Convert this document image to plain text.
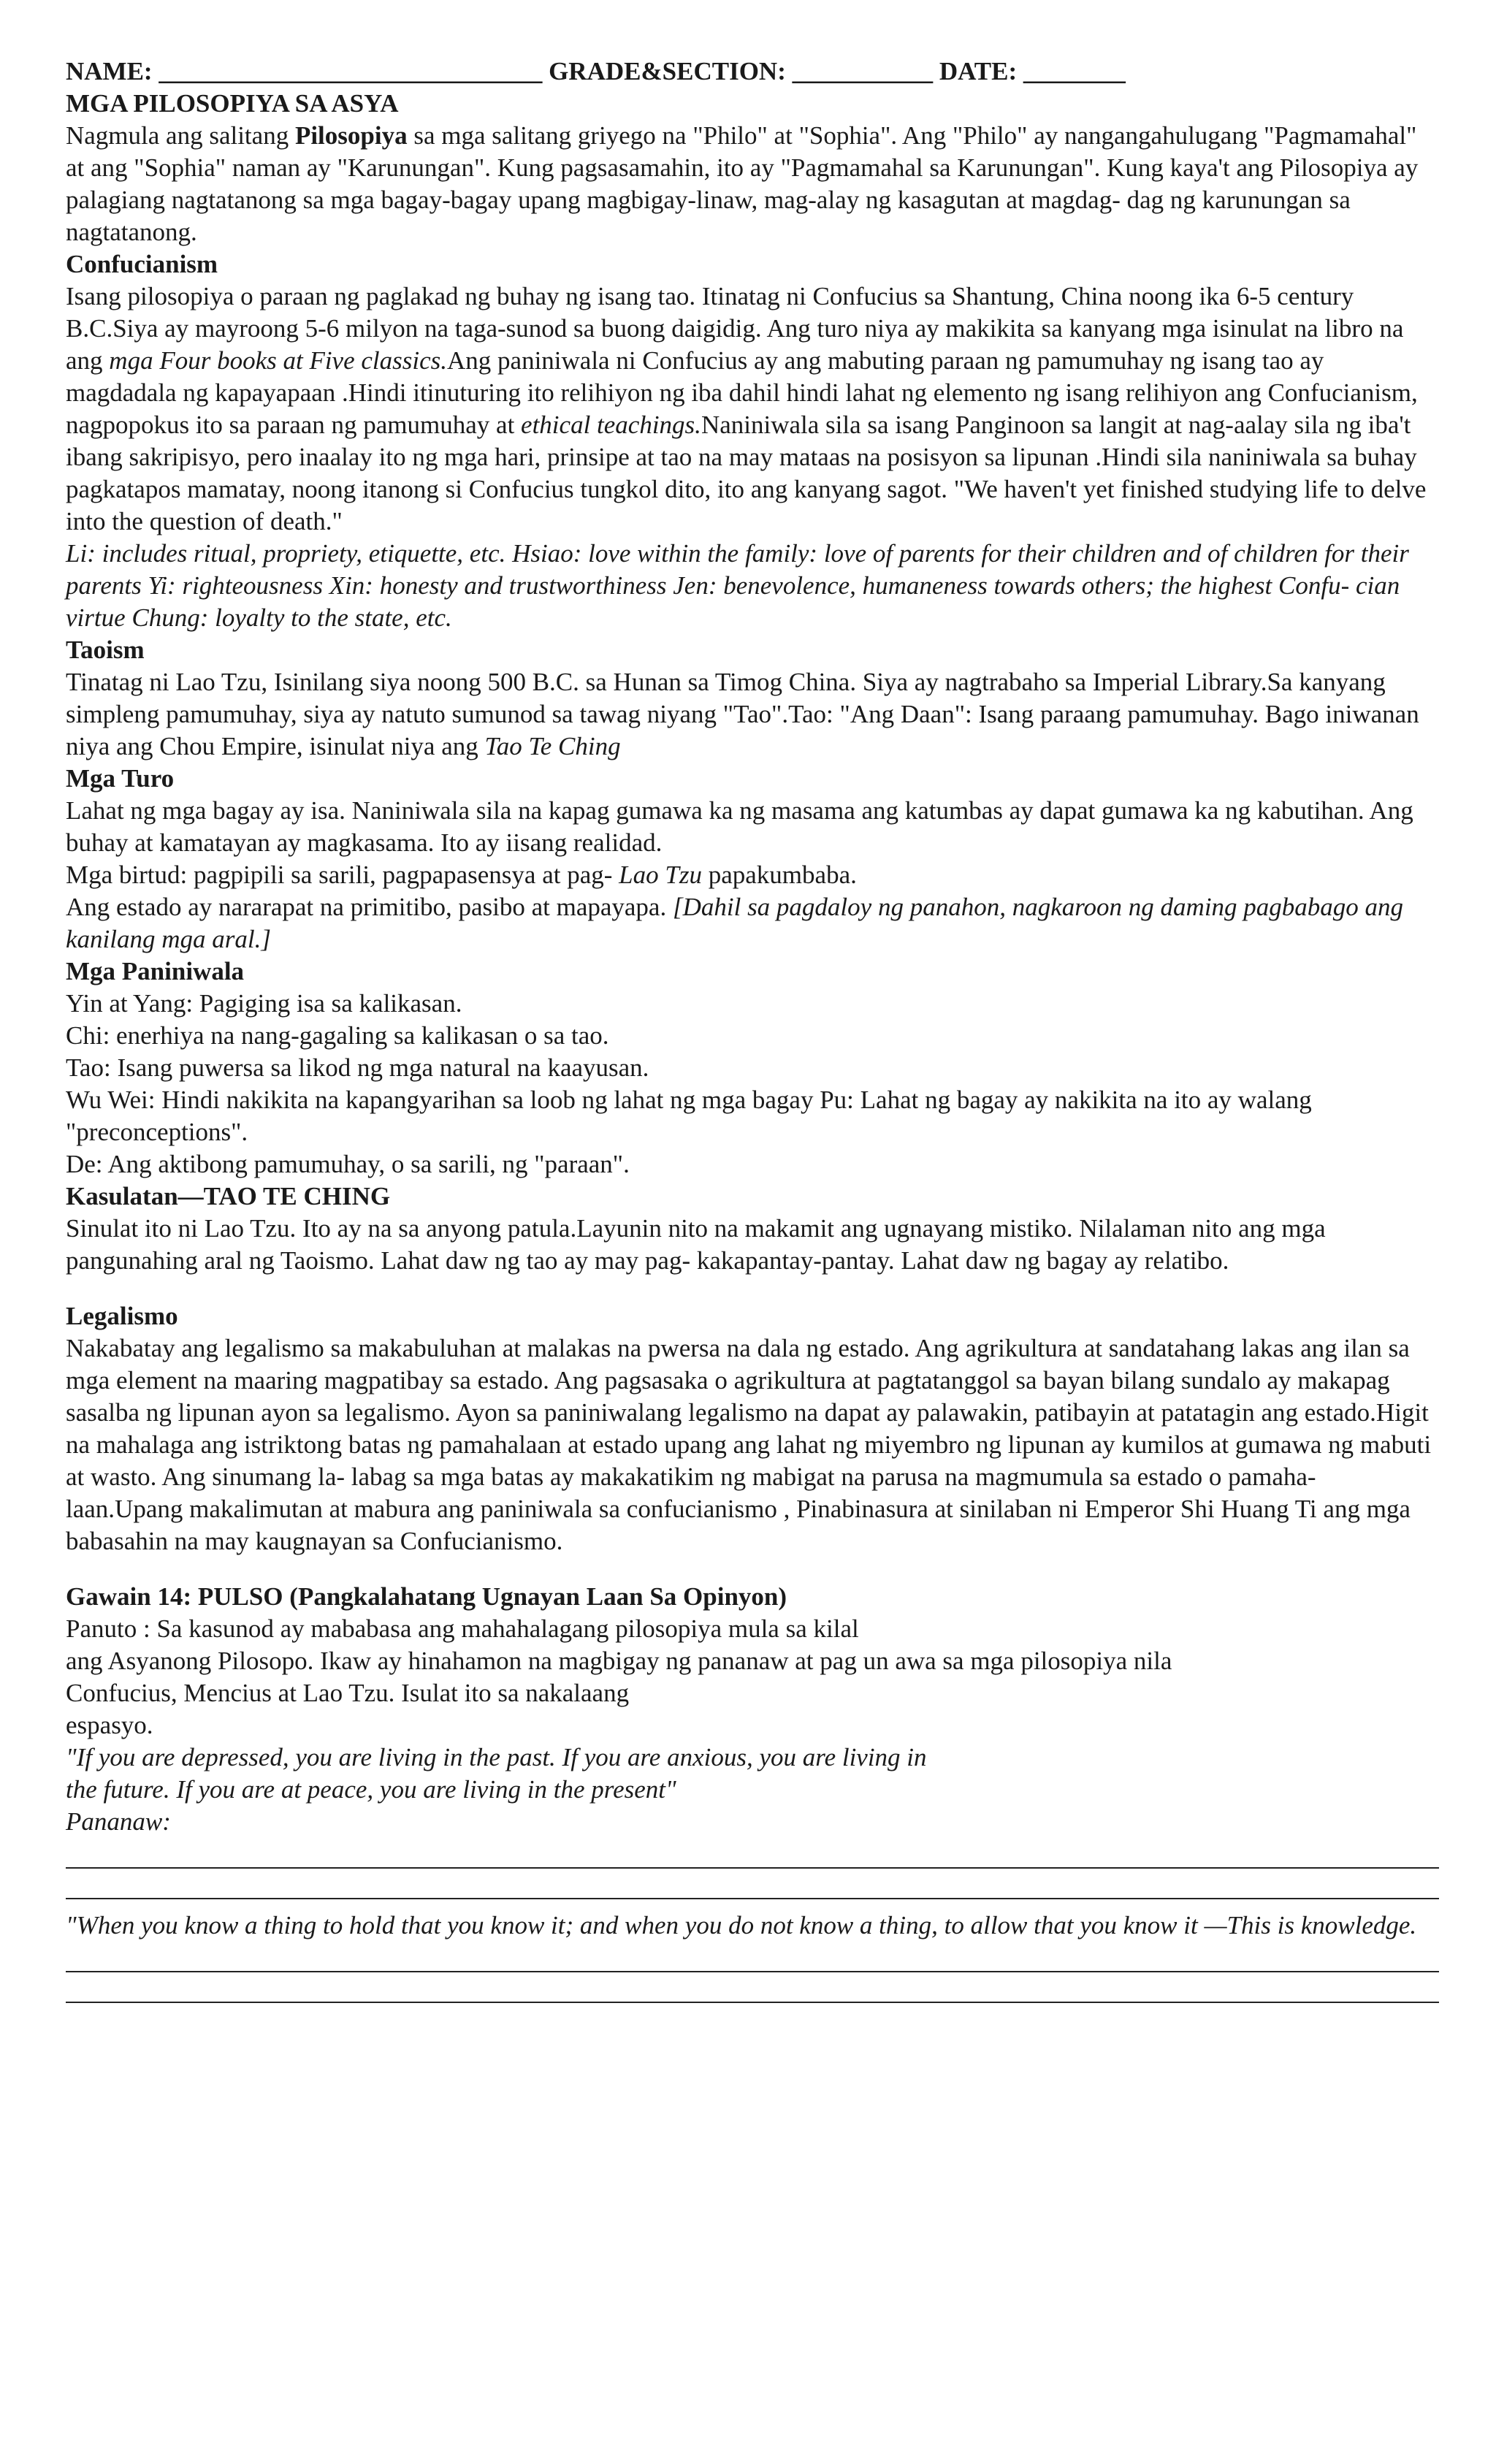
NAME: ______________________________ GRADE&SECTION: ___________ DATE: ________

MGA PILOSOPIYA SA ASYA

Nagmula ang salitang Pilosopiya sa mga salitang griyego na "Philo" at "Sophia". Ang "Philo" ay nangangahulugang "Pagmamahal" at ang "Sophia" naman ay "Karunungan". Kung pagsasamahin, ito ay "Pagmamahal sa Karunungan". Kung kaya't ang Pilosopiya ay palagiang nagtatanong sa mga bagay-bagay upang magbigay-linaw, mag-alay ng kasagutan at magdag- dag ng karunungan sa nagtatanong.

Confucianism

Isang pilosopiya o paraan ng paglakad ng buhay ng isang tao. Itinatag ni Confucius sa Shantung, China noong ika 6-5 century B.C.Siya ay mayroong 5-6 milyon na taga-sunod sa buong daigidig. Ang turo niya ay makikita sa kanyang mga isinulat na libro na ang mga Four books at Five classics.Ang paniniwala ni Confucius ay ang mabuting paraan ng pamumuhay ng isang tao ay magdadala ng kapayapaan .Hindi itinuturing ito relihiyon ng iba dahil hindi lahat ng elemento ng isang relihiyon ang Confucianism, nagpopokus ito sa paraan ng pamumuhay at ethical teachings.Naniniwala sila sa isang Panginoon sa langit at nag-aalay sila ng iba't ibang sakripisyo, pero inaalay ito ng mga hari, prinsipe at tao na may mataas na posisyon sa lipunan .Hindi sila naniniwala sa buhay pagkatapos mamatay, noong itanong si Confucius tungkol dito, ito ang kanyang sagot. "We haven't yet finished studying life to delve into the question of death."

Li: includes ritual, propriety, etiquette, etc. Hsiao: love within the family: love of parents for their children and of children for their parents Yi: righteousness Xin: honesty and trustworthiness Jen: benevolence, humaneness towards others; the highest Confu- cian virtue Chung: loyalty to the state, etc.

Taoism

Tinatag ni Lao Tzu, Isinilang siya noong 500 B.C. sa Hunan sa Timog China. Siya ay nagtrabaho sa Imperial Library.Sa kanyang simpleng pamumuhay, siya ay natuto sumunod sa tawag niyang "Tao".Tao: "Ang Daan": Isang paraang pamumuhay. Bago iniwanan niya ang Chou Empire, isinulat niya ang Tao Te Ching

Mga Turo

Lahat ng mga bagay ay isa. Naniniwala sila na kapag gumawa ka ng masama ang katumbas ay dapat gumawa ka ng kabutihan. Ang buhay at kamatayan ay magkasama. Ito ay iisang realidad.

Mga birtud: pagpipili sa sarili, pagpapasensya at pag- Lao Tzu papakumbaba.

Ang estado ay nararapat na primitibo, pasibo at mapayapa. [Dahil sa pagdaloy ng panahon, nagkaroon ng daming pagbabago ang kanilang mga aral.]

Mga Paniniwala

Yin at Yang: Pagiging isa sa kalikasan.

Chi: enerhiya na nang-gagaling sa kalikasan o sa tao.

Tao: Isang puwersa sa likod ng mga natural na kaayusan.

Wu Wei: Hindi nakikita na kapangyarihan sa loob ng lahat ng mga bagay Pu: Lahat ng bagay ay nakikita na ito ay walang "preconceptions".

De: Ang aktibong pamumuhay, o sa sarili, ng "paraan".

Kasulatan—TAO TE CHING

Sinulat ito ni Lao Tzu. Ito ay na sa anyong patula.Layunin nito na makamit ang ugnayang mistiko. Nilalaman nito ang mga pangunahing aral ng Taoismo. Lahat daw ng tao ay may pag- kakapantay-pantay. Lahat daw ng bagay ay relatibo.

Legalismo

Nakabatay ang legalismo sa makabuluhan at malakas na pwersa na dala ng estado. Ang agrikultura at sandatahang lakas ang ilan sa mga element na maaring magpatibay sa estado. Ang pagsasaka o agrikultura at pagtatanggol sa bayan bilang sundalo ay makapag sasalba ng lipunan ayon sa legalismo. Ayon sa paniniwalang legalismo na dapat ay palawakin, patibayin at patatagin ang estado.Higit na mahalaga ang istriktong batas ng pamahalaan at estado upang ang lahat ng miyembro ng lipunan ay kumilos at gumawa ng mabuti at wasto. Ang sinumang la- labag sa mga batas ay makakatikim ng mabigat na parusa na magmumula sa estado o pamaha- laan.Upang makalimutan at mabura ang paniniwala sa confucianismo , Pinabinasura at sinilaban ni Emperor Shi Huang Ti ang mga babasahin na may kaugnayan sa Confucianismo.

Gawain 14: PULSO (Pangkalahatang Ugnayan Laan Sa Opinyon)

Panuto : Sa kasunod ay mababasa ang mahahalagang pilosopiya mula sa kilal

ang Asyanong Pilosopo. Ikaw ay hinahamon na magbigay ng pananaw at pag un awa sa mga pilosopiya nila

Confucius, Mencius at Lao Tzu. Isulat ito sa nakalaang

espasyo.

"If you are depressed, you are living in the past. If you are anxious, you are living in

the future. If you are at peace, you are living in the present"

Pananaw:

"When you know a thing to hold that you know it; and when you do not know a thing, to allow that you know it —This is knowledge.
